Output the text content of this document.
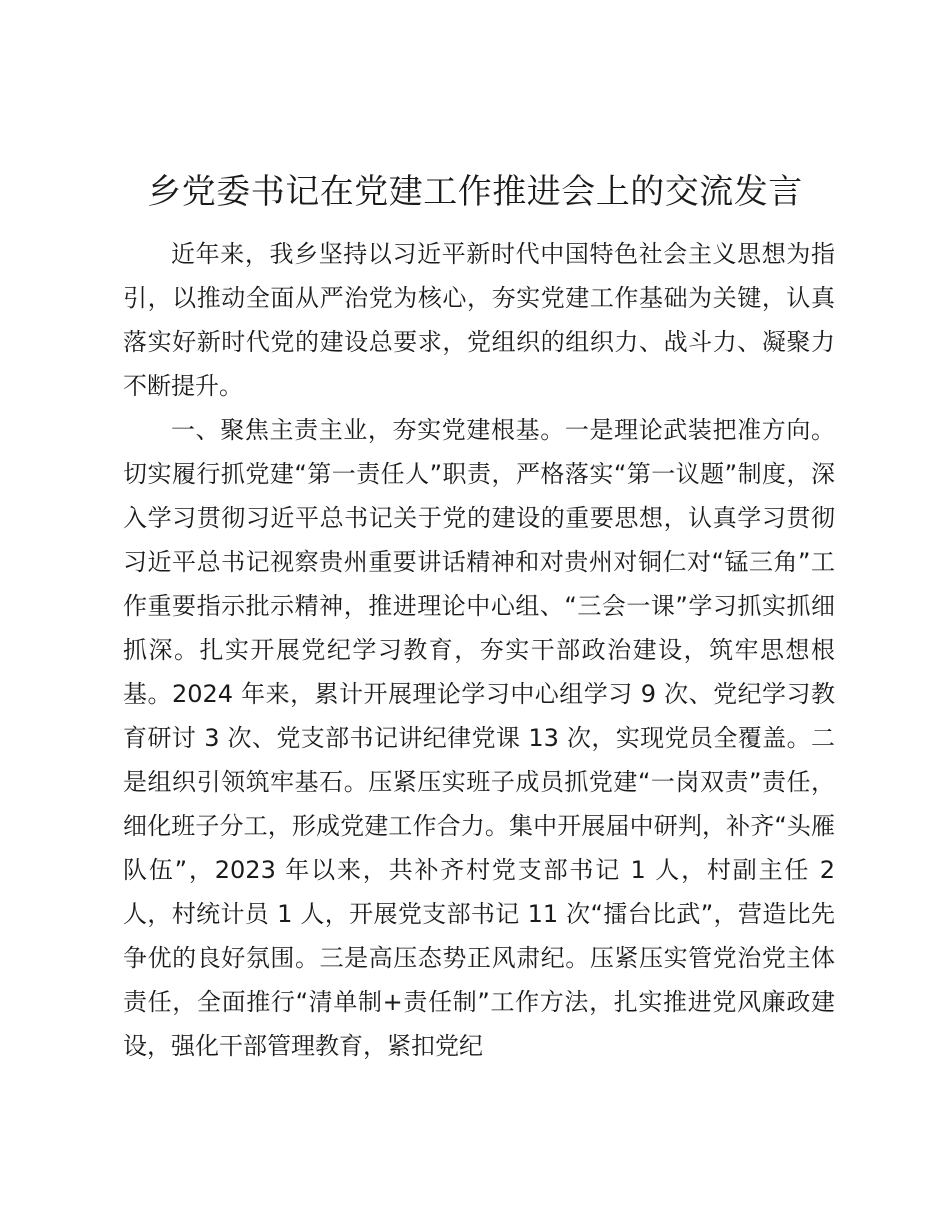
乡党委书记在党建工作推进会上的交流发言

近年来，我乡坚持以习近平新时代中国特色社会主义思想为指引，以推动全面从严治党为核心，夯实党建工作基础为关键，认真落实好新时代党的建设总要求，党组织的组织力、战斗力、凝聚力不断提升。

一、聚焦主责主业，夯实党建根基。一是理论武装把准方向。切实履行抓党建“第一责任人”职责，严格落实“第一议题”制度，深入学习贯彻习近平总书记关于党的建设的重要思想，认真学习贯彻习近平总书记视察贵州重要讲话精神和对贵州对铜仁对“锰三角”工作重要指示批示精神，推进理论中心组、“三会一课”学习抓实抓细抓深。扎实开展党纪学习教育，夯实干部政治建设，筑牢思想根基。2024 年来，累计开展理论学习中心组学习 9 次、党纪学习教育研讨 3 次、党支部书记讲纪律党课 13 次，实现党员全覆盖。二是组织引领筑牢基石。压紧压实班子成员抓党建“一岗双责”责任，细化班子分工，形成党建工作合力。集中开展届中研判，补齐“头雁队伍”，2023 年以来，共补齐村党支部书记 1 人，村副主任 2 人，村统计员 1 人，开展党支部书记 11 次“擂台比武”，营造比先争优的良好氛围。三是高压态势正风肃纪。压紧压实管党治党主体责任，全面推行“清单制+责任制”工作方法，扎实推进党风廉政建设，强化干部管理教育，紧扣党纪
